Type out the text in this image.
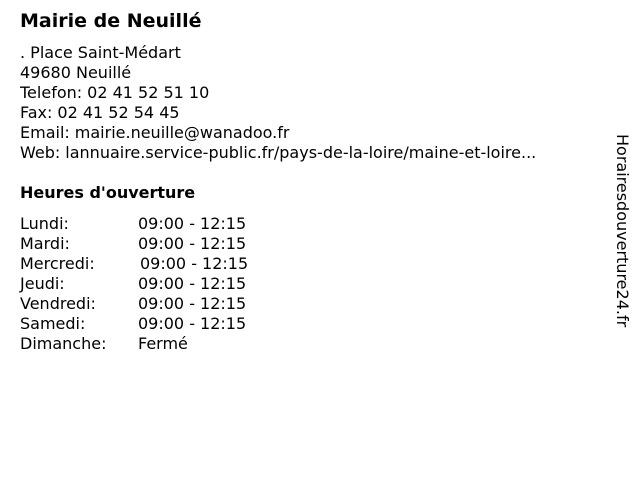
Mairie de Neuillé
. Place Saint-Médart
49680 Neuillé
Telefon: 02 41 52 51 10
Fax: 02 41 52 54 45
Email: mairie.neuille@wanadoo.fr
Web: lannuaire.service-public.fr/pays-de-la-loire/maine-et-loire...
Heures d'ouverture
Lundi:	09:00 - 12:15
Mardi:	09:00 - 12:15
Mercredi:	09:00 - 12:15
Jeudi:	09:00 - 12:15
Vendredi:	09:00 - 12:15
Samedi:	09:00 - 12:15
Dimanche: Fermé
Horairesdouverture24.fr
